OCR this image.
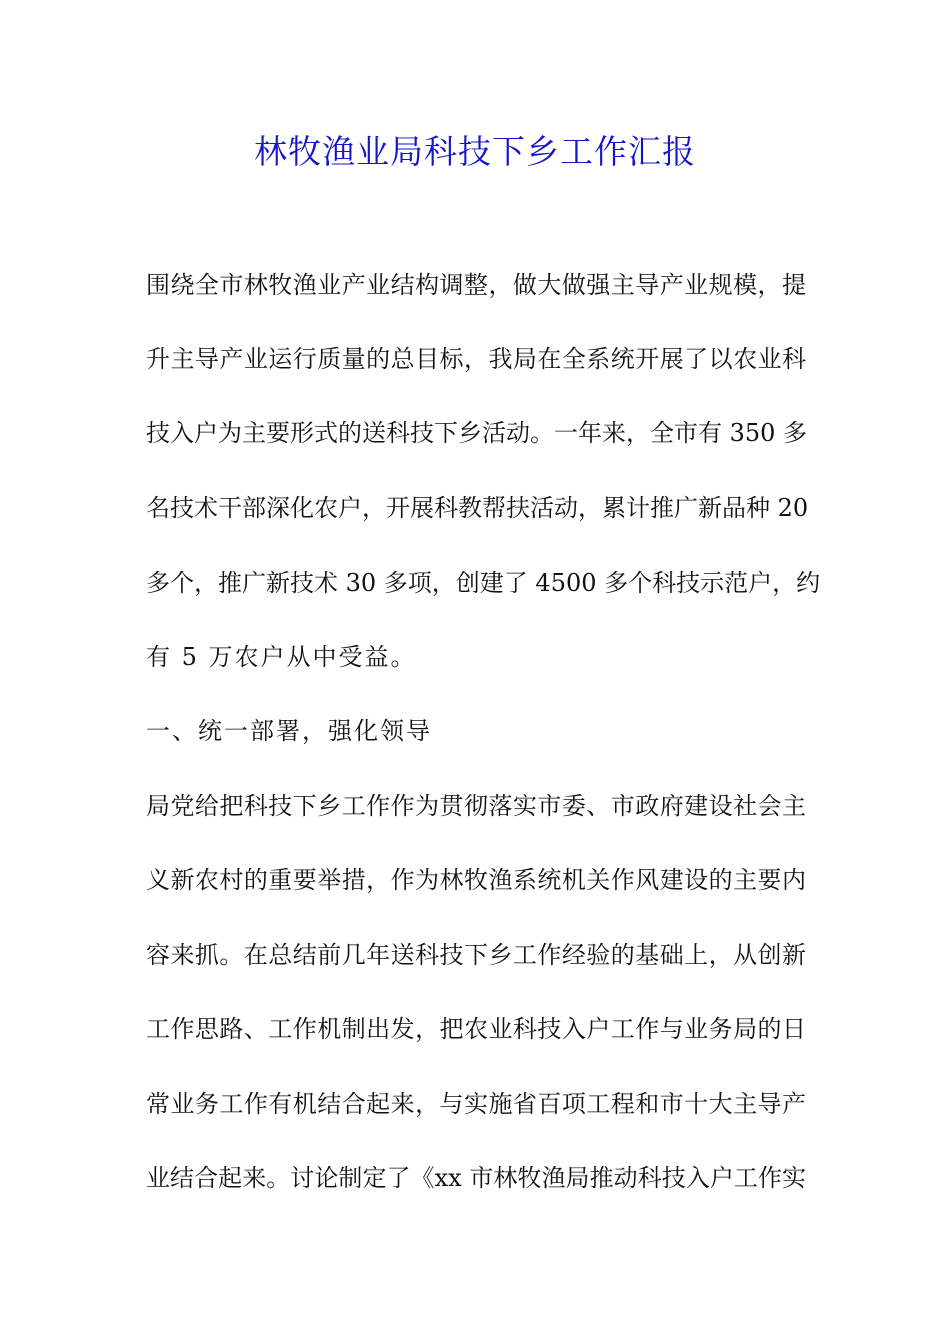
林牧渔业局科技下乡工作汇报
围绕全市林牧渔业产业结构调整，做大做强主导产业规模，提
升主导产业运行质量的总目标，我局在全系统开展了以农业科
技入户为主要形式的送科技下乡活动。一年来，全市有 350 多
名技术干部深化农户，开展科教帮扶活动，累计推广新品种 20
多个，推广新技术 30 多项，创建了 4500 多个科技示范户，约
有 5 万农户从中受益。
一、统一部署，强化领导
局党给把科技下乡工作作为贯彻落实市委、市政府建设社会主
义新农村的重要举措，作为林牧渔系统机关作风建设的主要内
容来抓。在总结前几年送科技下乡工作经验的基础上，从创新
工作思路、工作机制出发，把农业科技入户工作与业务局的日
常业务工作有机结合起来，与实施省百项工程和市十大主导产
业结合起来。讨论制定了《xx 市林牧渔局推动科技入户工作实
